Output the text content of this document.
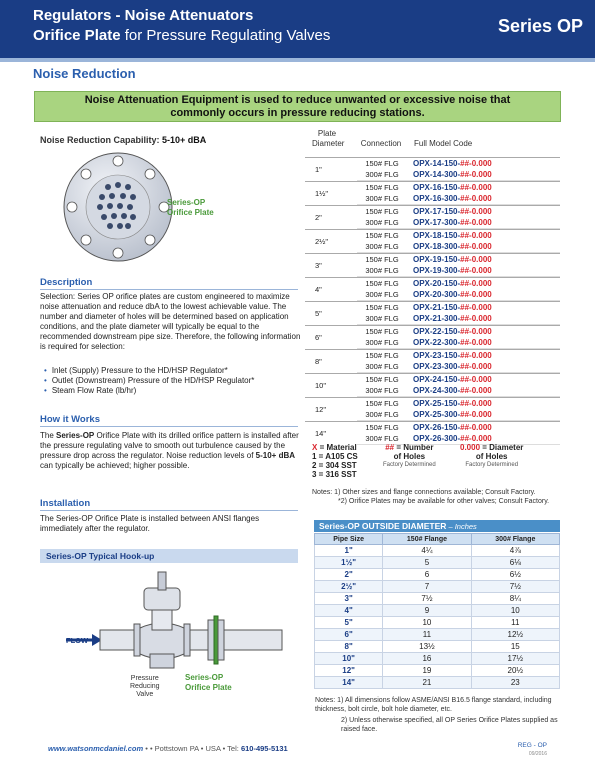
Regulators - Noise Attenuators
Orifice Plate for Pressure Regulating Valves	Series OP
Noise Reduction
Noise Attenuation Equipment is used to reduce unwanted or excessive noise that
commonly occurs in pressure reducing stations.
Noise Reduction Capability: 5-10+ dBA
Series-OP
Orifice Plate
Description
Selection: Series OP orifice plates are custom engineered to maximize noise attenuation and reduce dbA to the lowest achievable value. The number and diameter of holes will be determined based on application conditions, and the plate diameter will typically be equal to the recommended downstream pipe size. Therefore, the following information is required for selection:
• Inlet (Supply) Pressure to the HD/HSP Regulator*
• Outlet (Downstream) Pressure of the HD/HSP Regulator*
• Steam Flow Rate (lb/hr)
How it Works
The Series-OP Orifice Plate with its drilled orifice pattern is installed after the pressure regulating valve to smooth out turbulence caused by the pressure drop across the regulator. Noise reduction levels of 5-10+ dBA can typically be achieved; higher possible.
Installation
The Series-OP Orifice Plate is installed between ANSI flanges immediately after the regulator.
Series-OP Typical Hook-up
FLOW
Pressure
Reducing
Valve
Series-OP
Orifice Plate
Plate
Diameter	Connection	Full Model Code
1"
150# FLG	OPX-14-150-##-0.000
300# FLG	OPX-14-300-##-0.000
1½"
150# FLG	OPX-16-150-##-0.000
300# FLG	OPX-16-300-##-0.000
2"
150# FLG	OPX-17-150-##-0.000
300# FLG	OPX-17-300-##-0.000
2½"
150# FLG	OPX-18-150-##-0.000
300# FLG	OPX-18-300-##-0.000
3"
150# FLG	OPX-19-150-##-0.000
300# FLG	OPX-19-300-##-0.000
4"
150# FLG	OPX-20-150-##-0.000
300# FLG	OPX-20-300-##-0.000
5"
150# FLG	OPX-21-150-##-0.000
300# FLG	OPX-21-300-##-0.000
6"
150# FLG	OPX-22-150-##-0.000
300# FLG	OPX-22-300-##-0.000
8"
150# FLG	OPX-23-150-##-0.000
300# FLG	OPX-23-300-##-0.000
10"
150# FLG	OPX-24-150-##-0.000
300# FLG	OPX-24-300-##-0.000
12"
150# FLG	OPX-25-150-##-0.000
300# FLG	OPX-25-300-##-0.000
14"
150# FLG	OPX-26-150-##-0.000
300# FLG	OPX-26-300-##-0.000
X = Material
1 = A105 CS
2 = 304 SST
3 = 316 SST
## = Number
of Holes
Factory Determined
0.000 = Diameter
of Holes
Factory Determined
Notes: 1) Other sizes and flange connections available; Consult Factory.
*2) Orifice Plates may be available for other valves; Consult Factory.
Series-OP OUTSIDE DIAMETER – Inches
Pipe Size	150# Flange	300# Flange
1"	4¼	4⅞
1½"	5	6⅛
2"	6	6½
2½"	7	7½
3"	7½	8¼
4"	9	10
5"	10	11
6"	11	12½
8"	13½	15
10"	16	17½
12"	19	20½
14"	21	23
Notes: 1) All dimensions follow ASME/ANSI B16.5 flange standard, including thickness, bolt circle, bolt hole diameter, etc.
2) Unless otherwise specified, all OP Series Orifice Plates supplied as raised face.
www.watsonmcdaniel.com • • Pottstown PA • USA • Tel: 610-495-5131	REG - OP
09/2016
